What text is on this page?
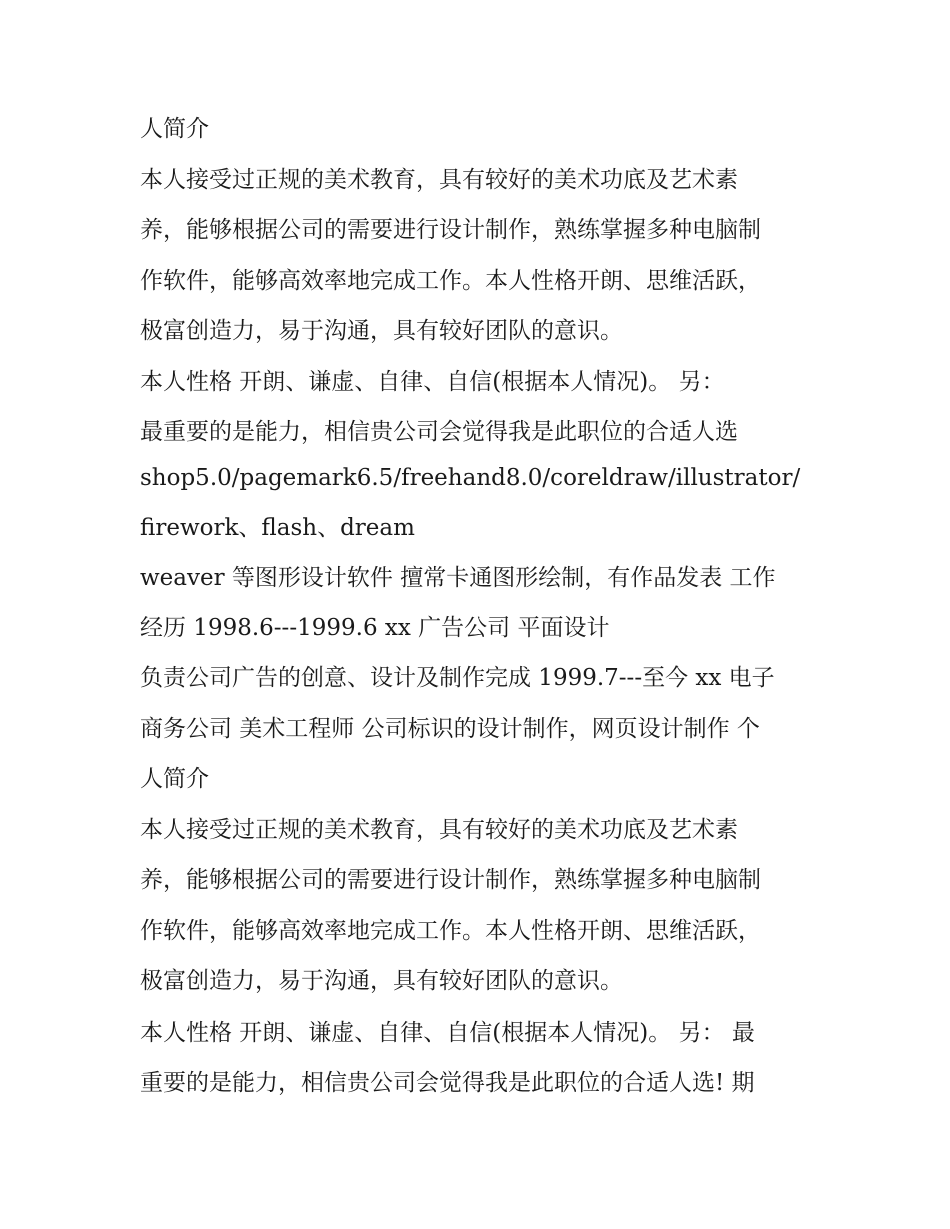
人简介
本人接受过正规的美术教育，具有较好的美术功底及艺术素
养，能够根据公司的需要进行设计制作，熟练掌握多种电脑制
作软件，能够高效率地完成工作。本人性格开朗、思维活跃，
极富创造力，易于沟通，具有较好团队的意识。
本人性格 开朗、谦虚、自律、自信(根据本人情况)。 另：
最重要的是能力，相信贵公司会觉得我是此职位的合适人选
shop5.0/pagemark6.5/freehand8.0/coreldraw/illustrator/
firework、flash、dream
weaver 等图形设计软件 擅常卡通图形绘制，有作品发表 工作
经历 1998.6---1999.6 xx 广告公司 平面设计
负责公司广告的创意、设计及制作完成 1999.7---至今 xx 电子
商务公司 美术工程师 公司标识的设计制作，网页设计制作 个
人简介
本人接受过正规的美术教育，具有较好的美术功底及艺术素
养，能够根据公司的需要进行设计制作，熟练掌握多种电脑制
作软件，能够高效率地完成工作。本人性格开朗、思维活跃，
极富创造力，易于沟通，具有较好团队的意识。
本人性格 开朗、谦虚、自律、自信(根据本人情况)。 另： 最
重要的是能力，相信贵公司会觉得我是此职位的合适人选! 期
